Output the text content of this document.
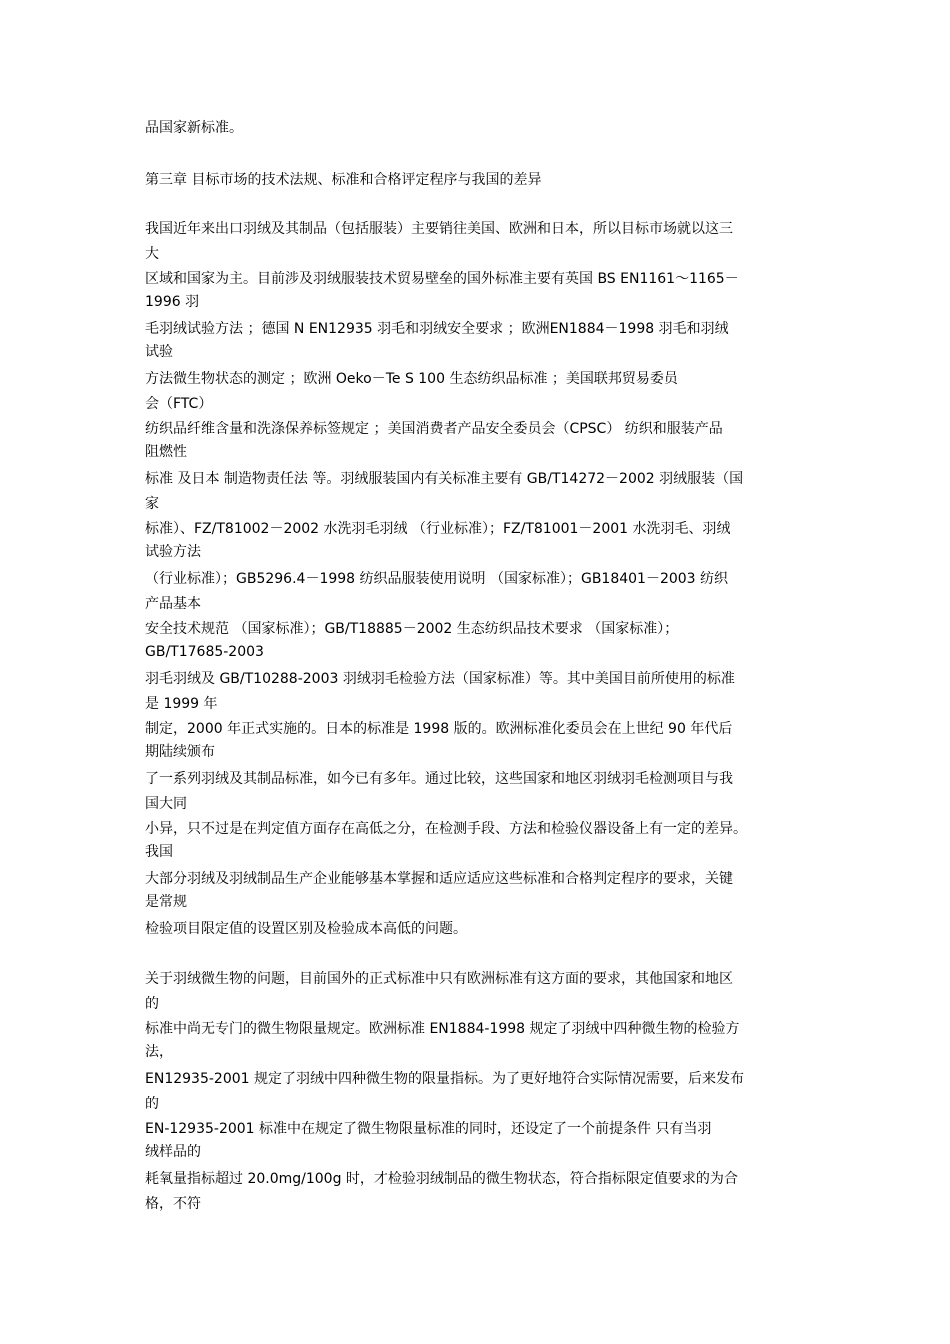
品国家新标准。
第三章 目标市场的技术法规、标准和合格评定程序与我国的差异
我国近年来出口羽绒及其制品（包括服装）主要销往美国、欧洲和日本，所以目标市场就以这三
大
区域和国家为主。目前涉及羽绒服装技术贸易壁垒的国外标准主要有英国 BS EN1161～1165－
1996 羽
毛羽绒试验方法 ；德国 N EN12935 羽毛和羽绒安全要求 ；欧洲EN1884－1998 羽毛和羽绒
试验
方法微生物状态的测定 ；欧洲 Oeko－Te S 100 生态纺织品标准 ；美国联邦贸易委员
会（FTC）
纺织品纤维含量和洗涤保养标签规定 ；美国消费者产品安全委员会（CPSC） 纺织和服装产品
阻燃性
标准 及日本 制造物责任法 等。羽绒服装国内有关标准主要有 GB/T14272－2002 羽绒服装（国
家
标准）、FZ/T81002－2002 水洗羽毛羽绒 （行业标准）；FZ/T81001－2001 水洗羽毛、羽绒
试验方法
（行业标准）；GB5296.4－1998 纺织品服装使用说明 （国家标准）；GB18401－2003 纺织
产品基本
安全技术规范 （国家标准）；GB/T18885－2002 生态纺织品技术要求 （国家标准）；
GB/T17685-2003
羽毛羽绒及 GB/T10288-2003 羽绒羽毛检验方法（国家标准）等。其中美国目前所使用的标准
是 1999 年
制定，2000 年正式实施的。日本的标准是 1998 版的。欧洲标准化委员会在上世纪 90 年代后
期陆续颁布
了一系列羽绒及其制品标准，如今已有多年。通过比较，这些国家和地区羽绒羽毛检测项目与我
国大同
小异，只不过是在判定值方面存在高低之分，在检测手段、方法和检验仪器设备上有一定的差异。
我国
大部分羽绒及羽绒制品生产企业能够基本掌握和适应适应这些标准和合格判定程序的要求，关键
是常规
检验项目限定值的设置区别及检验成本高低的问题。
关于羽绒微生物的问题，目前国外的正式标准中只有欧洲标准有这方面的要求，其他国家和地区
的
标准中尚无专门的微生物限量规定。欧洲标准 EN1884-1998 规定了羽绒中四种微生物的检验方
法，
EN12935-2001 规定了羽绒中四种微生物的限量指标。为了更好地符合实际情况需要，后来发布
的
EN-12935-2001 标准中在规定了微生物限量标准的同时，还设定了一个前提条件 只有当羽
绒样品的
耗氧量指标超过 20.0mg/100g 时，才检验羽绒制品的微生物状态，符合指标限定值要求的为合
格，不符
